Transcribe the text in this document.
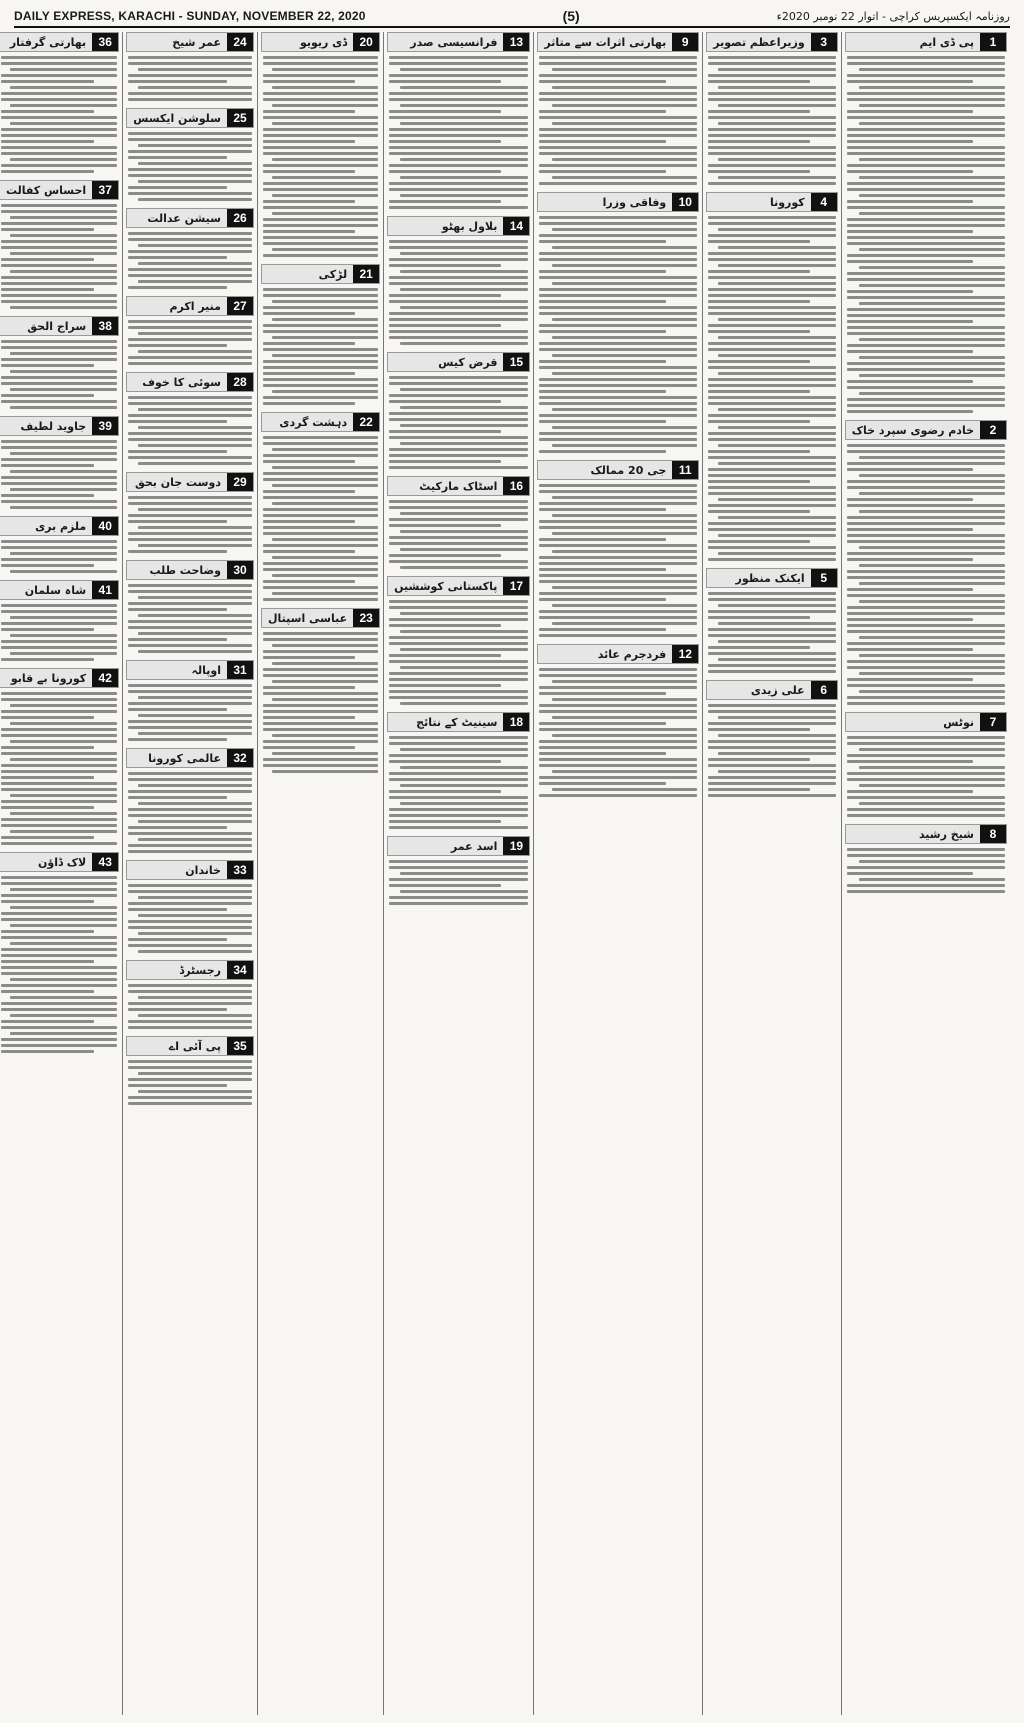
DAILY EXPRESS, KARACHI - SUNDAY, NOVEMBER 22, 2020	(5)	روزنامہ ایکسپریس کراچی - اتوار 22 نومبر 2020ء
1
پی ڈی ایم
2
خادم رضوی سپرد خاک
7
نوٹس
8
شیخ رشید
3
وزیراعظم تصویر
4
کورونا
5
ایکنک منظور
6
علی زیدی
9
بھارتی اثرات سے متاثر
10
وفاقی وزرا
11
جی 20 ممالک
12
فردجرم عائد
13
فرانسیسی صدر
14
بلاول بھٹو
15
قرض کیس
16
اسٹاک مارکیٹ
17
پاکستانی کوششیں
18
سینیٹ کے نتائج
19
اسد عمر
20
ڈی ریویو
21
لڑکی
22
دہشت گردی
23
عباسی اسپتال
24
عمر شیخ
25
سلوشن ایکسس
26
سیشن عدالت
27
منیر اکرم
28
سوئی کا خوف
29
دوست جان بحق
30
وضاحت طلب
31
اوپالہ
32
عالمی کورونا
33
خاندان
34
رجسٹرڈ
35
پی آئی اے
36
بھارتی گرفتار
37
احساس کفالت
38
سراج الحق
39
جاوید لطیف
40
ملزم بری
41
شاہ سلمان
42
کورونا بے قابو
43
لاک ڈاؤن
